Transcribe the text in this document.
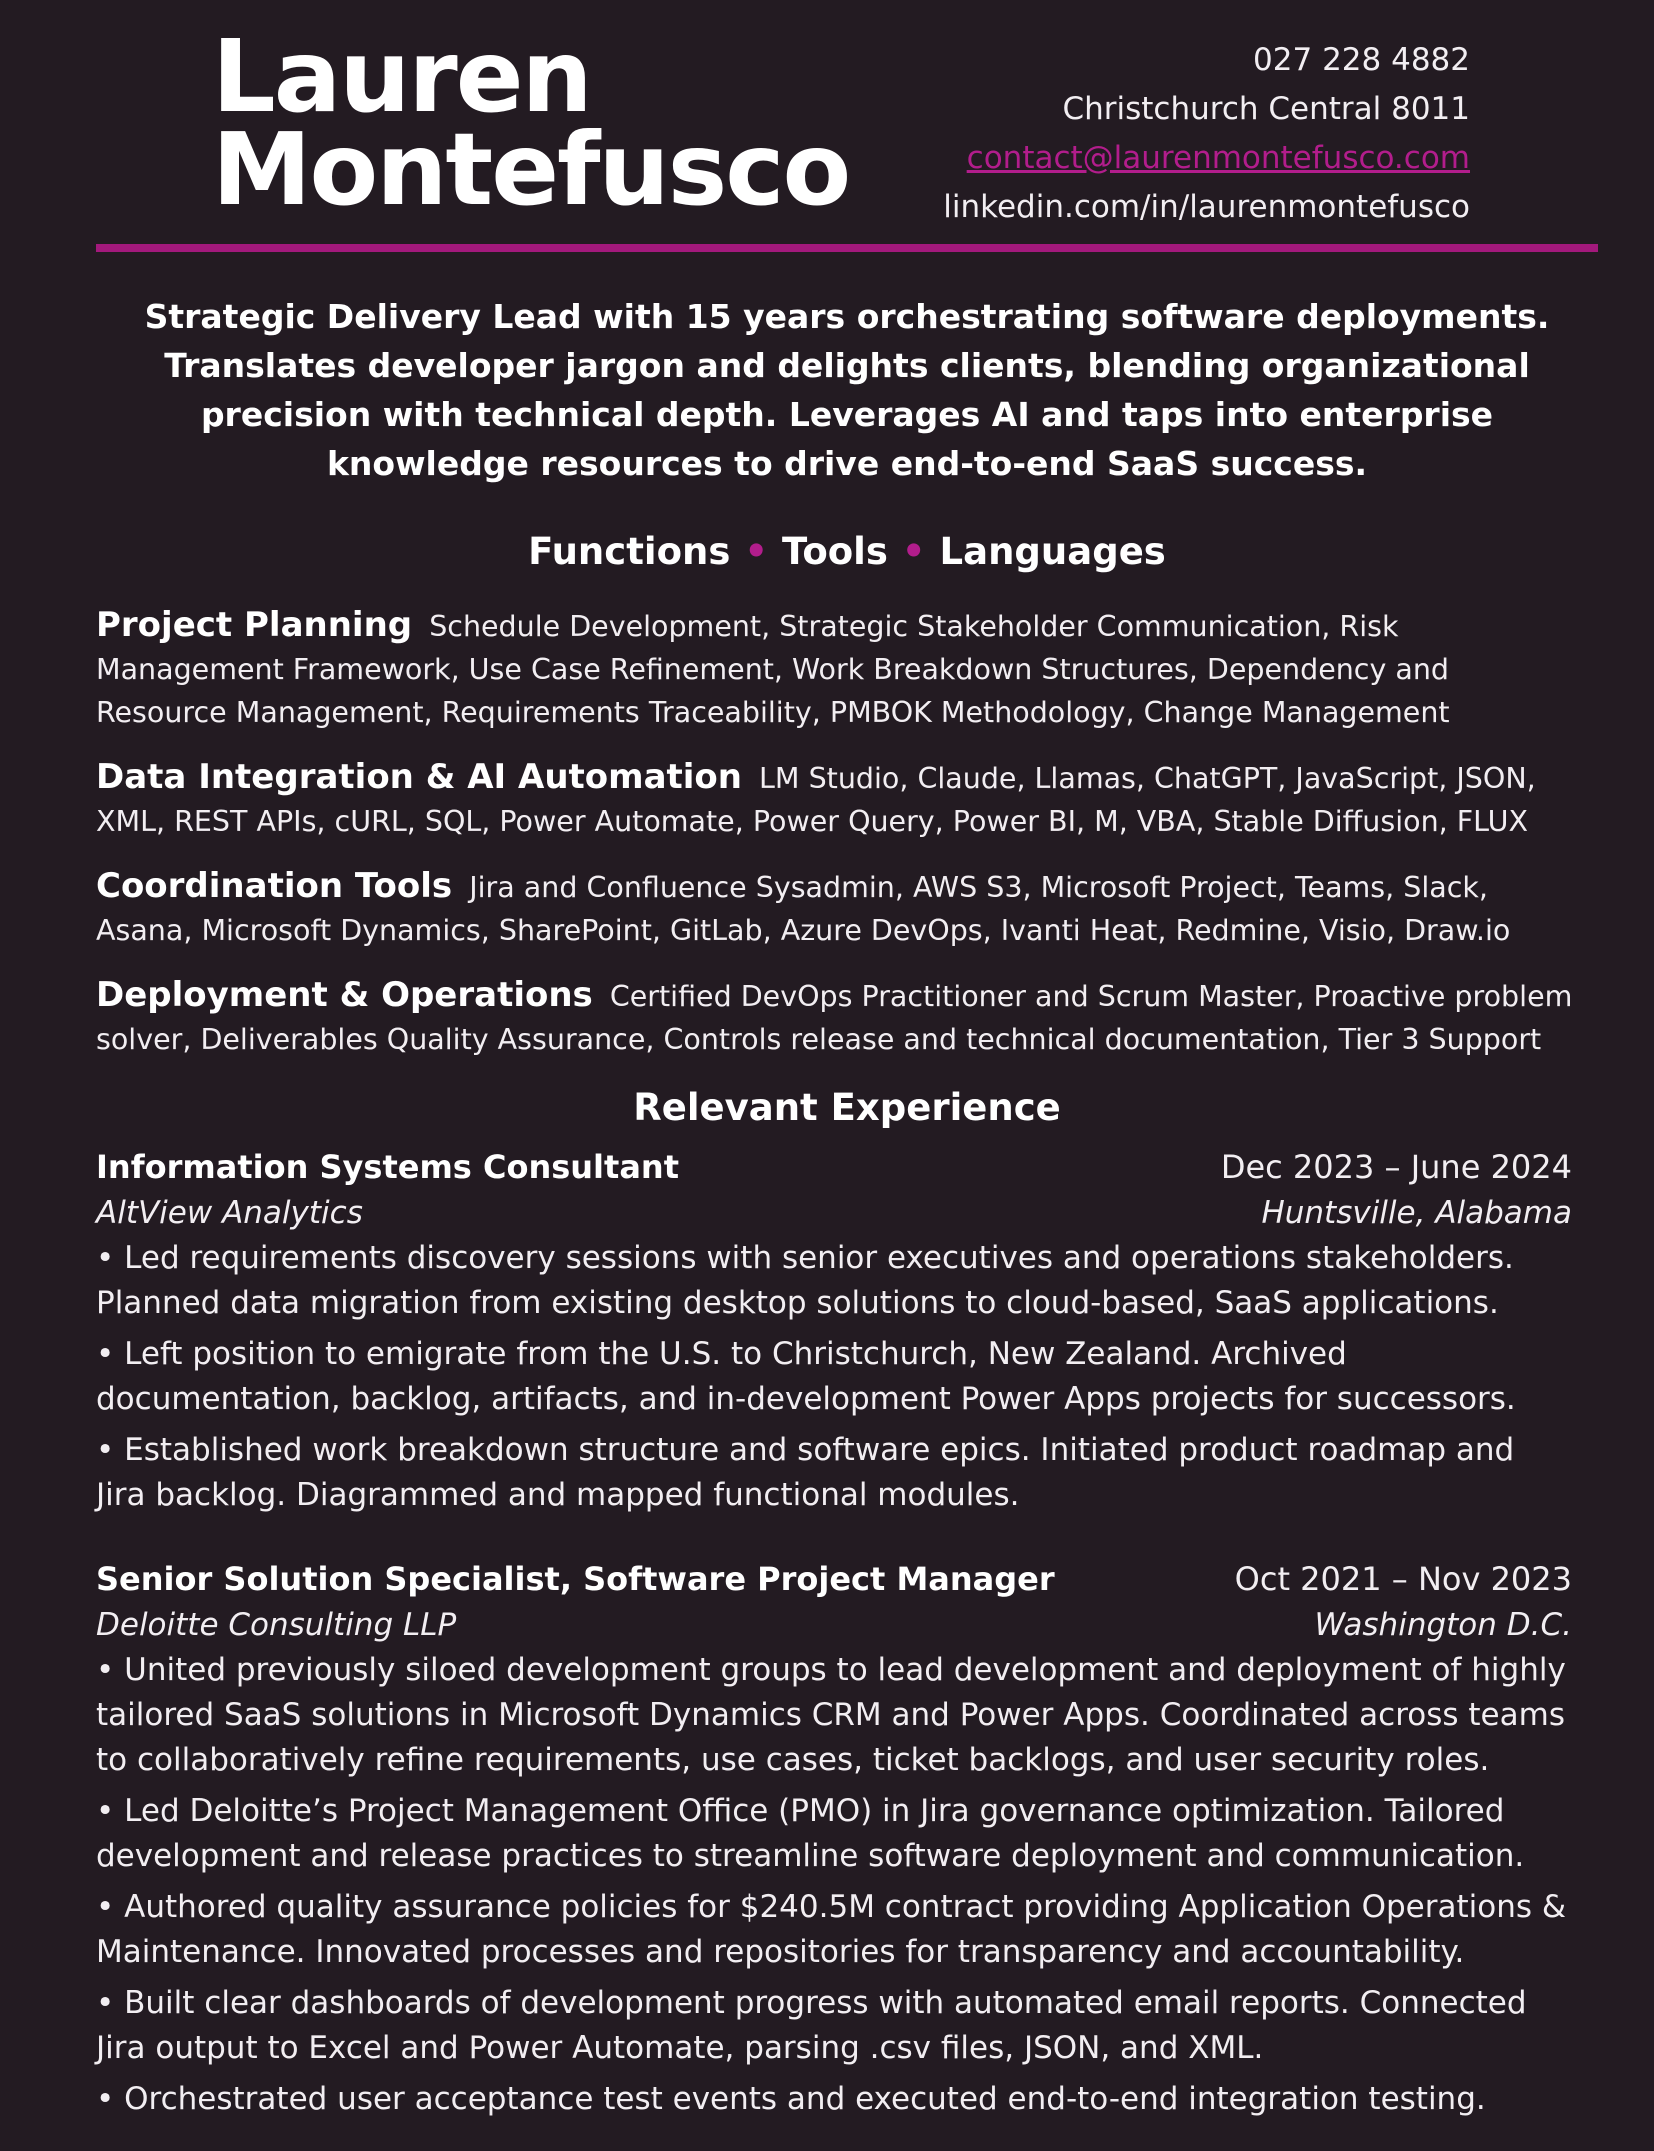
Lauren
Montefusco
027 228 4882
Christchurch Central 8011
contact@laurenmontefusco.com
linkedin.com/in/laurenmontefusco
Strategic Delivery Lead with 15 years orchestrating software deployments. Translates developer jargon and delights clients, blending organizational precision with technical depth. Leverages AI and taps into enterprise knowledge resources to drive end-to-end SaaS success.
Functions • Tools • Languages
Project Planning Schedule Development, Strategic Stakeholder Communication, Risk Management Framework, Use Case Refinement, Work Breakdown Structures, Dependency and Resource Management, Requirements Traceability, PMBOK Methodology, Change Management
Data Integration & AI Automation LM Studio, Claude, Llamas, ChatGPT, JavaScript, JSON, XML, REST APIs, cURL, SQL, Power Automate, Power Query, Power BI, M, VBA, Stable Diffusion, FLUX
Coordination Tools Jira and Confluence Sysadmin, AWS S3, Microsoft Project, Teams, Slack, Asana, Microsoft Dynamics, SharePoint, GitLab, Azure DevOps, Ivanti Heat, Redmine, Visio, Draw.io
Deployment & Operations Certified DevOps Practitioner and Scrum Master, Proactive problem solver, Deliverables Quality Assurance, Controls release and technical documentation, Tier 3 Support
Relevant Experience
Information Systems Consultant	Dec 2023 – June 2024
AltView Analytics	Huntsville, Alabama
• Led requirements discovery sessions with senior executives and operations stakeholders. Planned data migration from existing desktop solutions to cloud-based, SaaS applications.
• Left position to emigrate from the U.S. to Christchurch, New Zealand. Archived documentation, backlog, artifacts, and in-development Power Apps projects for successors.
• Established work breakdown structure and software epics. Initiated product roadmap and Jira backlog. Diagrammed and mapped functional modules.
Senior Solution Specialist, Software Project Manager	Oct 2021 – Nov 2023
Deloitte Consulting LLP	Washington D.C.
• United previously siloed development groups to lead development and deployment of highly tailored SaaS solutions in Microsoft Dynamics CRM and Power Apps. Coordinated across teams to collaboratively refine requirements, use cases, ticket backlogs, and user security roles.
• Led Deloitte’s Project Management Office (PMO) in Jira governance optimization. Tailored development and release practices to streamline software deployment and communication.
• Authored quality assurance policies for $240.5M contract providing Application Operations & Maintenance. Innovated processes and repositories for transparency and accountability.
• Built clear dashboards of development progress with automated email reports. Connected Jira output to Excel and Power Automate, parsing .csv files, JSON, and XML.
• Orchestrated user acceptance test events and executed end-to-end integration testing.
